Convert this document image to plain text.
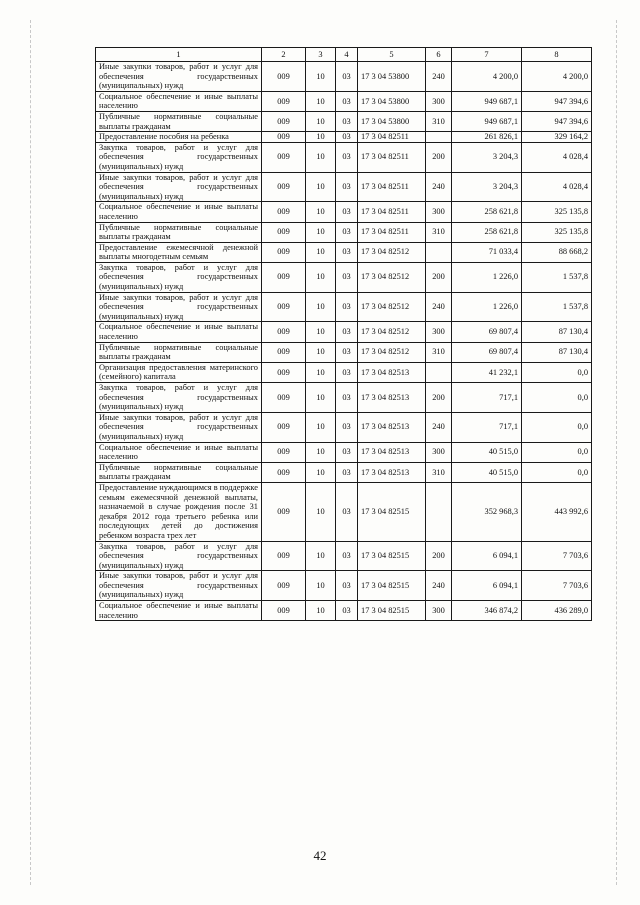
1	2	3	4	5	6	7	8
Иные закупки товаров, работ и услуг для обеспечения государственных (муниципальных) нужд	009	10	03	17 3 04 53800	240	4 200,0	4 200,0
Социальное обеспечение и иные выплаты населению	009	10	03	17 3 04 53800	300	949 687,1	947 394,6
Публичные нормативные социальные выплаты гражданам	009	10	03	17 3 04 53800	310	949 687,1	947 394,6
Предоставление пособия на ребенка	009	10	03	17 3 04 82511		261 826,1	329 164,2
Закупка товаров, работ и услуг для обеспечения государственных (муниципальных) нужд	009	10	03	17 3 04 82511	200	3 204,3	4 028,4
Иные закупки товаров, работ и услуг для обеспечения государственных (муниципальных) нужд	009	10	03	17 3 04 82511	240	3 204,3	4 028,4
Социальное обеспечение и иные выплаты населению	009	10	03	17 3 04 82511	300	258 621,8	325 135,8
Публичные нормативные социальные выплаты гражданам	009	10	03	17 3 04 82511	310	258 621,8	325 135,8
Предоставление ежемесячной денежной выплаты многодетным семьям	009	10	03	17 3 04 82512		71 033,4	88 668,2
Закупка товаров, работ и услуг для обеспечения государственных (муниципальных) нужд	009	10	03	17 3 04 82512	200	1 226,0	1 537,8
Иные закупки товаров, работ и услуг для обеспечения государственных (муниципальных) нужд	009	10	03	17 3 04 82512	240	1 226,0	1 537,8
Социальное обеспечение и иные выплаты населению	009	10	03	17 3 04 82512	300	69 807,4	87 130,4
Публичные нормативные социальные выплаты гражданам	009	10	03	17 3 04 82512	310	69 807,4	87 130,4
Организация предоставления материнского (семейного) капитала	009	10	03	17 3 04 82513		41 232,1	0,0
Закупка товаров, работ и услуг для обеспечения государственных (муниципальных) нужд	009	10	03	17 3 04 82513	200	717,1	0,0
Иные закупки товаров, работ и услуг для обеспечения государственных (муниципальных) нужд	009	10	03	17 3 04 82513	240	717,1	0,0
Социальное обеспечение и иные выплаты населению	009	10	03	17 3 04 82513	300	40 515,0	0,0
Публичные нормативные социальные выплаты гражданам	009	10	03	17 3 04 82513	310	40 515,0	0,0
Предоставление нуждающимся в поддержке семьям ежемесячной денежной выплаты, назначаемой в случае рождения после 31 декабря 2012 года третьего ребенка или последующих детей до достижения ребенком возраста трех лет	009	10	03	17 3 04 82515		352 968,3	443 992,6
Закупка товаров, работ и услуг для обеспечения государственных (муниципальных) нужд	009	10	03	17 3 04 82515	200	6 094,1	7 703,6
Иные закупки товаров, работ и услуг для обеспечения государственных (муниципальных) нужд	009	10	03	17 3 04 82515	240	6 094,1	7 703,6
Социальное обеспечение и иные выплаты населению	009	10	03	17 3 04 82515	300	346 874,2	436 289,0
42
